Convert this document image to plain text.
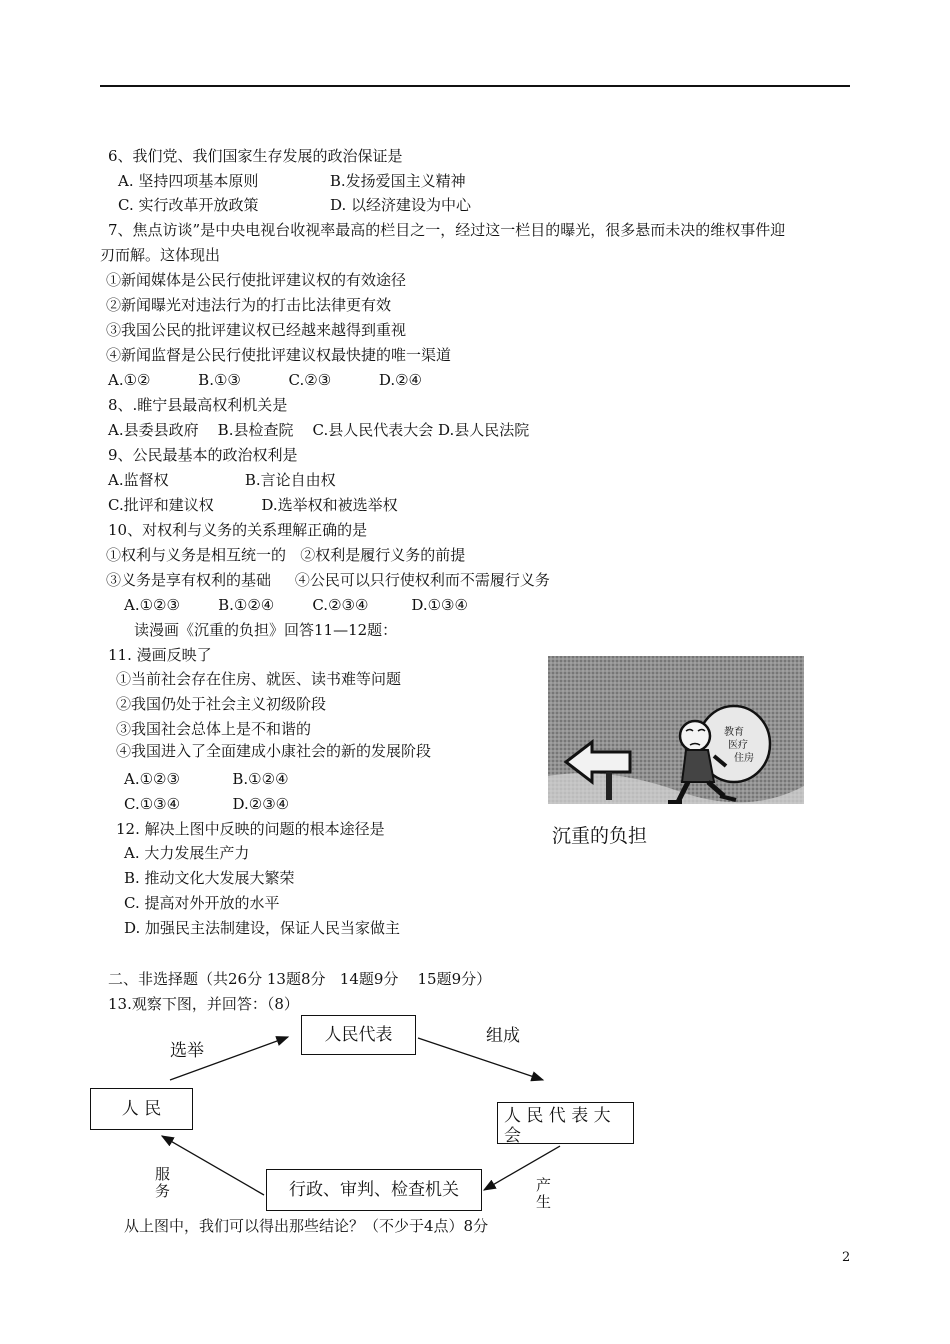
6、我们党、我们国家生存发展的政治保证是
A. 坚持四项基本原则               B.发扬爱国主义精神
C. 实行改革开放政策               D. 以经济建设为中心
7、焦点访谈”是中央电视台收视率最高的栏目之一，经过这一栏目的曝光，很多悬而未决的维权事件迎
刃而解。这体现出
①新闻媒体是公民行使批评建议权的有效途径
②新闻曝光对违法行为的打击比法律更有效
③我国公民的批评建议权已经越来越得到重视
④新闻监督是公民行使批评建议权最快捷的唯一渠道
A.①②          B.①③          C.②③          D.②④
8、.睢宁县最高权利机关是
A.县委县政府    B.县检查院    C.县人民代表大会 D.县人民法院
9、公民最基本的政治权利是
A.监督权                B.言论自由权
C.批评和建议权          D.选举权和被选举权
10、对权利与义务的关系理解正确的是
①权利与义务是相互统一的   ②权利是履行义务的前提
③义务是享有权利的基础     ④公民可以只行使权利而不需履行义务
A.①②③        B.①②④        C.②③④         D.①③④
读漫画《沉重的负担》回答11—12题：
11. 漫画反映了
①当前社会存在住房、就医、读书难等问题
②我国仍处于社会主义初级阶段
③我国社会总体上是不和谐的
④我国进入了全面建成小康社会的新的发展阶段
A.①②③           B.①②④
C.①③④           D.②③④
教育
医疗
住房
沉重的负担
12. 解决上图中反映的问题的根本途径是
A. 大力发展生产力
B. 推动文化大发展大繁荣
C. 提高对外开放的水平
D. 加强民主法制建设，保证人民当家做主
二、非选择题（共26分 13题8分   14题9分    15题9分）
13.观察下图，并回答：（8）
人民代表
人 民	人 民 代 表 大 会
行政、审判、检查机关
选举
组成
产生
服务
从上图中，我们可以得出那些结论？（不少于4点）8分
2
